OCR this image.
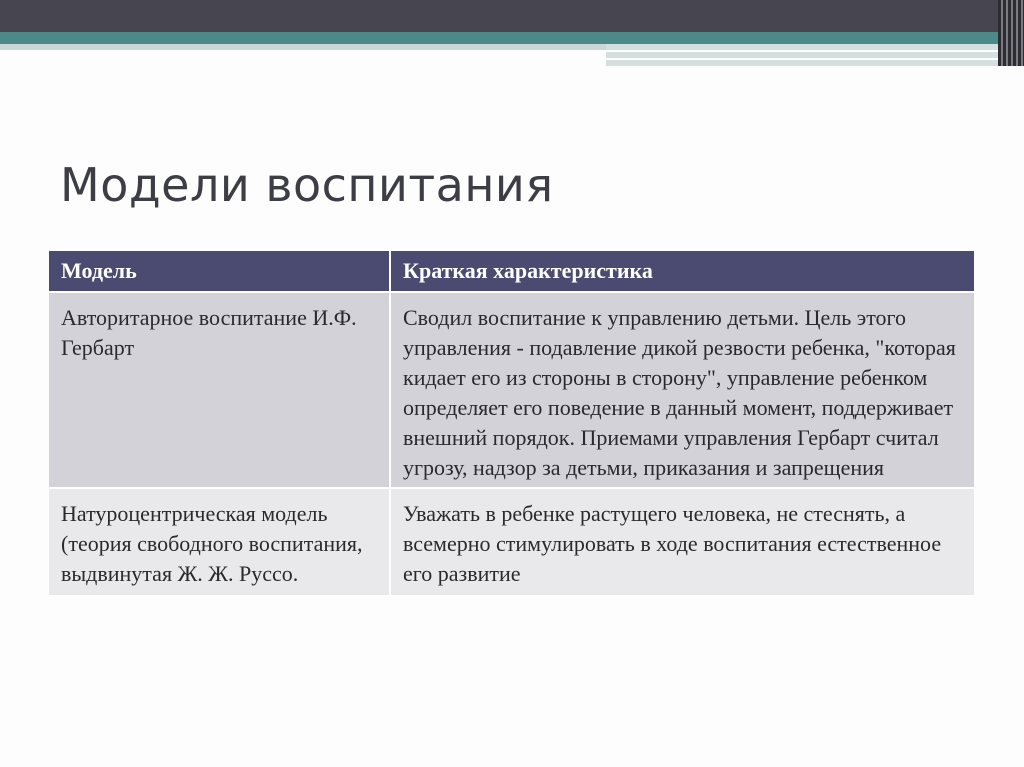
Модели воспитания
Модель	Краткая характеристика
Авторитарное воспитание И.Ф. Гербарт	Сводил воспитание к управлению детьми. Цель этого управления - подавление дикой резвости ребенка, "которая кидает его из стороны в сторону", управление ребенком определяет его поведение в данный момент, поддерживает внешний порядок. Приемами управления Гербарт считал угрозу, надзор за детьми, приказания и запрещения
Натуроцентрическая модель (теория свободного воспитания, выдвинутая Ж. Ж. Руссо.	Уважать в ребенке растущего человека, не стеснять, а всемерно стимулировать в ходе воспитания естественное его развитие
